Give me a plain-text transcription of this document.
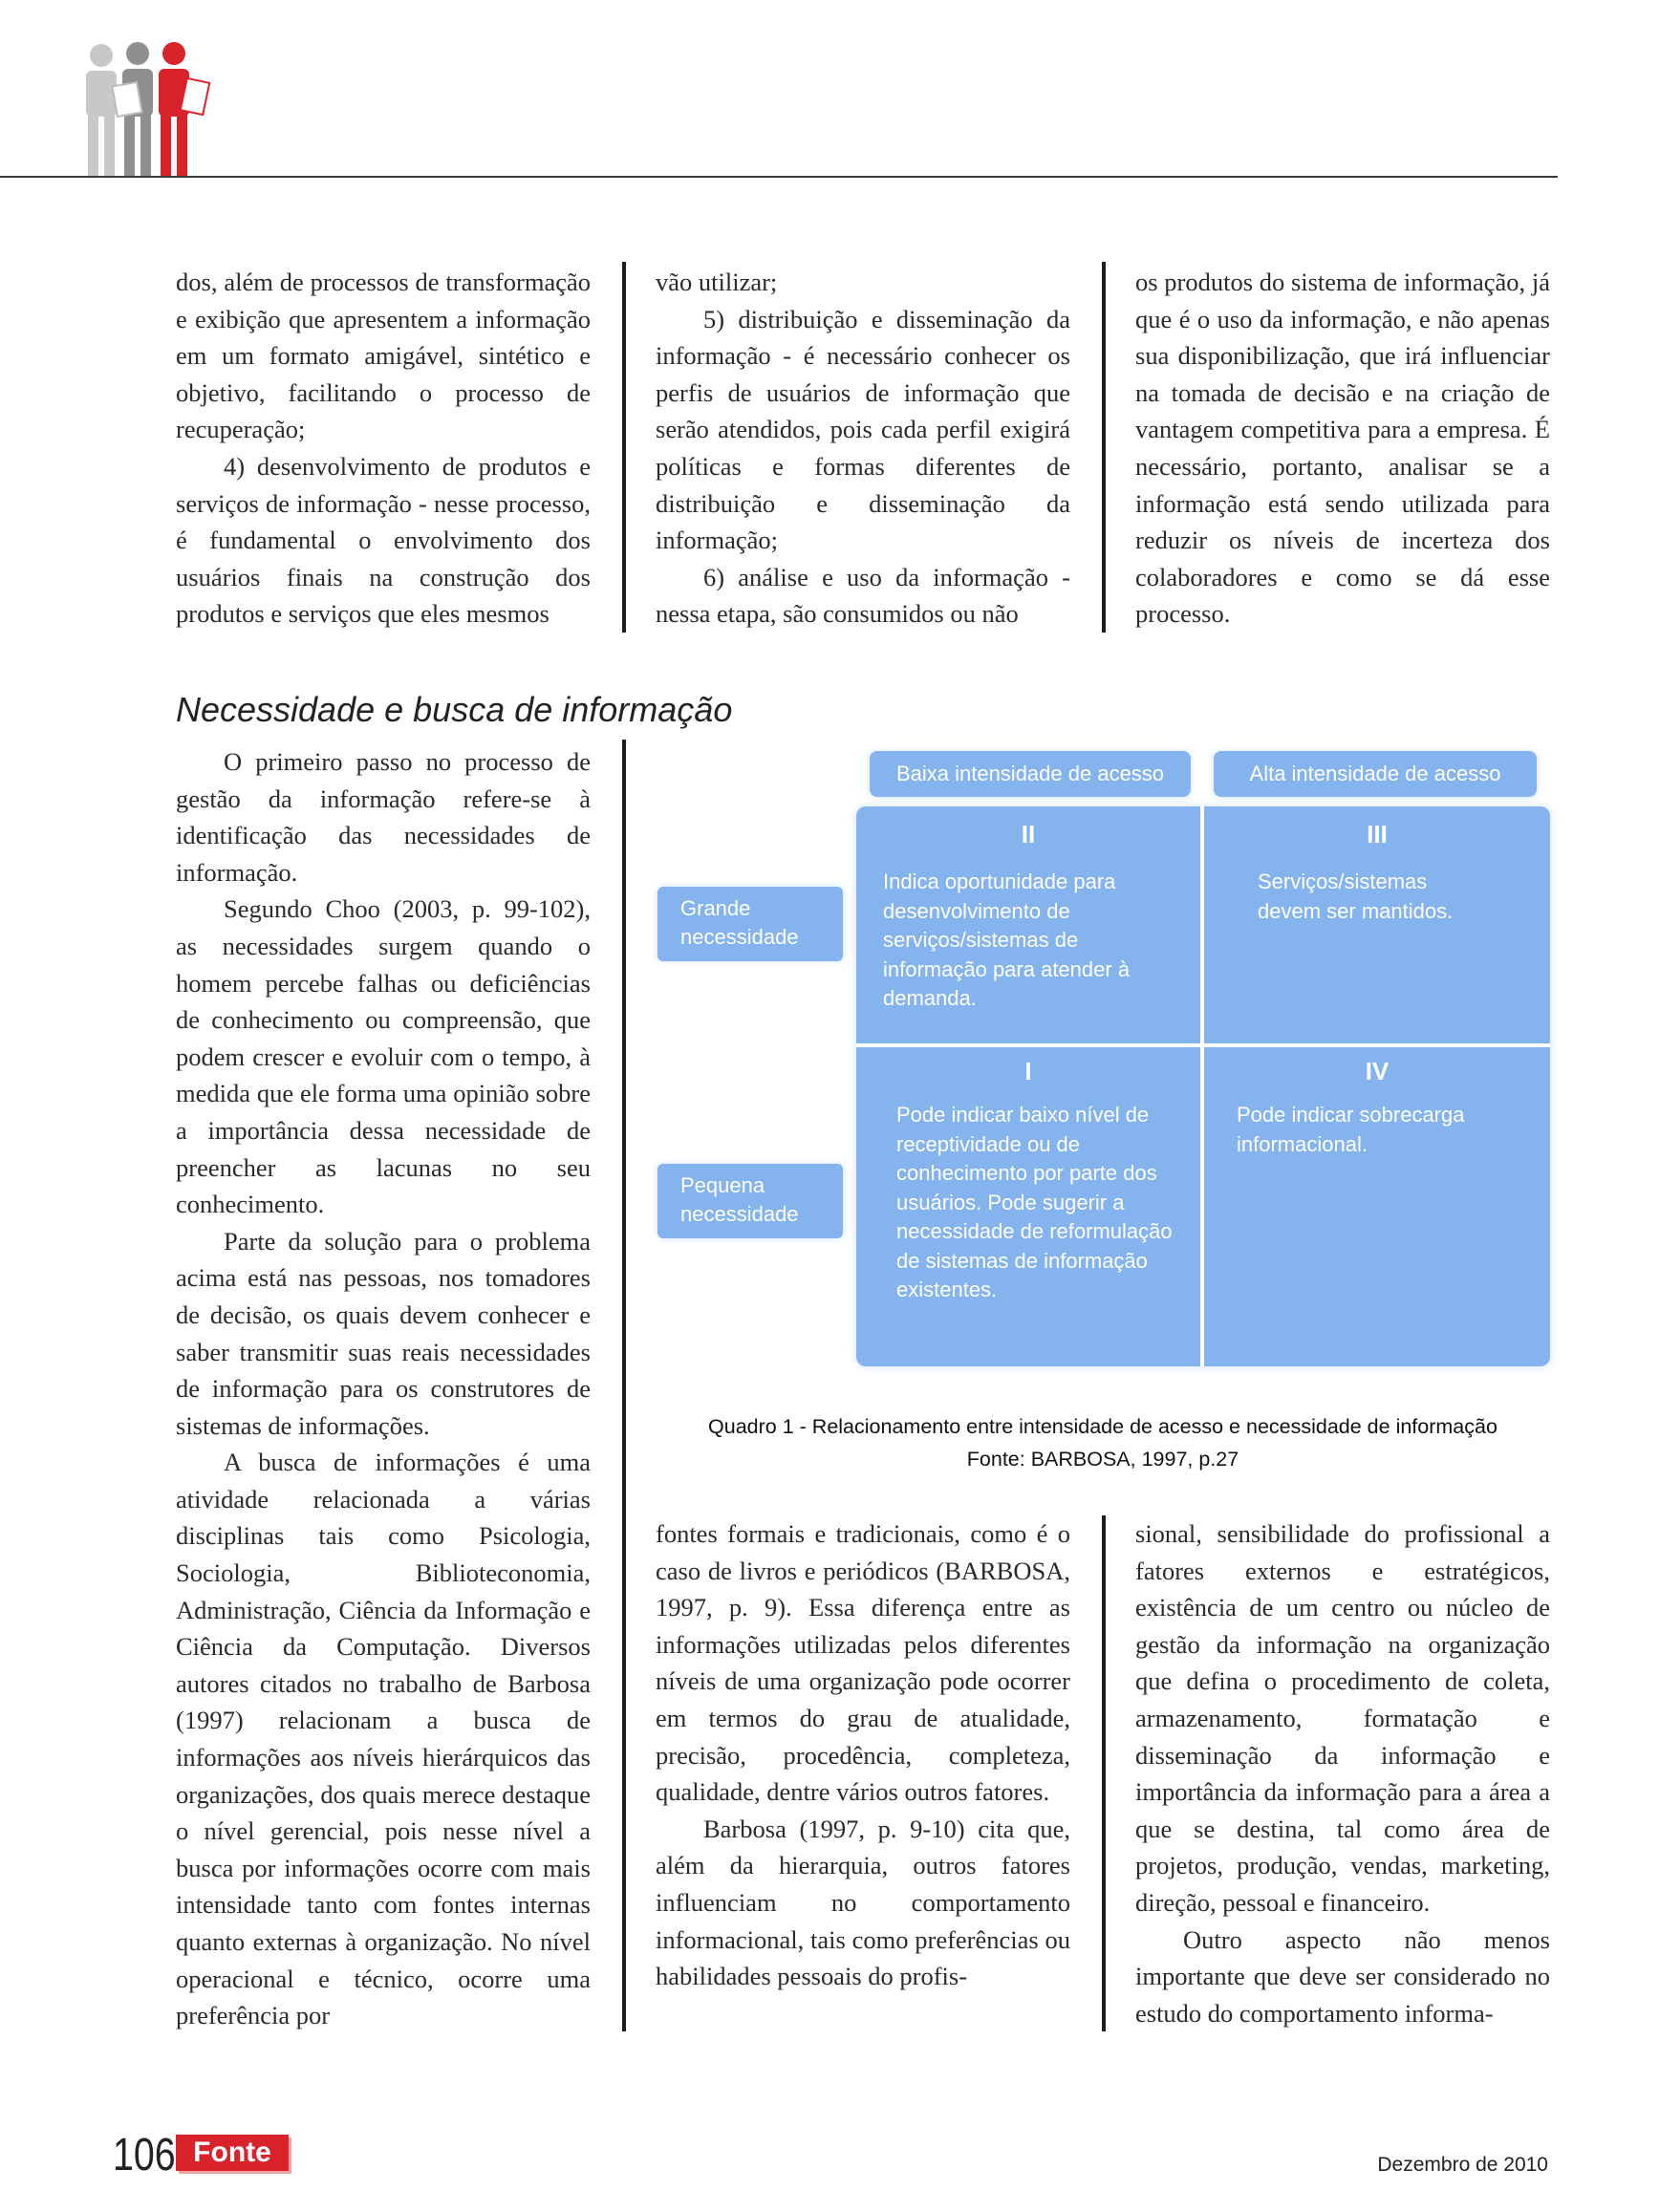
dos, além de processos de transformação e exibição que apresentem a informação em um formato amigável, sintético e objetivo, facilitando o processo de recuperação;

4) desenvolvimento de produtos e serviços de informação - nesse processo, é fundamental o envolvimento dos usuários finais na construção dos produtos e serviços que eles mesmos

vão utilizar;

5) distribuição e disseminação da informação - é necessário conhecer os perfis de usuários de informação que serão atendidos, pois cada perfil exigirá políticas e formas diferentes de distribuição e disseminação da informação;

6) análise e uso da informação - nessa etapa, são consumidos ou não

os produtos do sistema de informação, já que é o uso da informação, e não apenas sua disponibilização, que irá influenciar na tomada de decisão e na criação de vantagem competitiva para a empresa. É necessário, portanto, analisar se a informação está sendo utilizada para reduzir os níveis de incerteza dos colaboradores e como se dá esse processo.

Necessidade e busca de informação

O primeiro passo no processo de gestão da informação refere-se à identificação das necessidades de informação.

Segundo Choo (2003, p. 99-102), as necessidades surgem quando o homem percebe falhas ou deficiências de conhecimento ou compreensão, que podem crescer e evoluir com o tempo, à medida que ele forma uma opinião sobre a importância dessa necessidade de preencher as lacunas no seu conhecimento.

Parte da solução para o problema acima está nas pessoas, nos tomadores de decisão, os quais devem conhecer e saber transmitir suas reais necessidades de informação para os construtores de sistemas de informações.

A busca de informações é uma atividade relacionada a várias disciplinas tais como Psicologia, Sociologia, Biblioteconomia, Administração, Ciência da Informação e Ciência da Computação. Diversos autores citados no trabalho de Barbosa (1997) relacionam a busca de informações aos níveis hierárquicos das organizações, dos quais merece destaque o nível gerencial, pois nesse nível a busca por informações ocorre com mais intensidade tanto com fontes internas quanto externas à organização. No nível operacional e técnico, ocorre uma preferência por

Baixa intensidade de acesso	Alta intensidade de acesso
Grande necessidade
Pequena necessidade
II
Indica oportunidade para desenvolvimento de serviços/sistemas de informação para atender à demanda.
III
Serviços/sistemas devem ser mantidos.
I
Pode indicar baixo nível de receptividade ou de conhecimento por parte dos usuários. Pode sugerir a necessidade de reformulação de sistemas de informação existentes.
IV
Pode indicar sobrecarga informacional.
Quadro 1 - Relacionamento entre intensidade de acesso e necessidade de informação
Fonte: BARBOSA, 1997, p.27

fontes formais e tradicionais, como é o caso de livros e periódicos (BARBOSA, 1997, p. 9). Essa diferença entre as informações utilizadas pelos diferentes níveis de uma organização pode ocorrer em termos do grau de atualidade, precisão, procedência, completeza, qualidade, dentre vários outros fatores.

Barbosa (1997, p. 9-10) cita que, além da hierarquia, outros fatores influenciam no comportamento informacional, tais como preferências ou habilidades pessoais do profis-

sional, sensibilidade do profissional a fatores externos e estratégicos, existência de um centro ou núcleo de gestão da informação na organização que defina o procedimento de coleta, armazenamento, formatação e disseminação da informação e importância da informação para a área a que se destina, tal como área de projetos, produção, vendas, marketing, direção, pessoal e financeiro.

Outro aspecto não menos importante que deve ser considerado no estudo do comportamento informa-

106 Fonte	Dezembro de 2010
